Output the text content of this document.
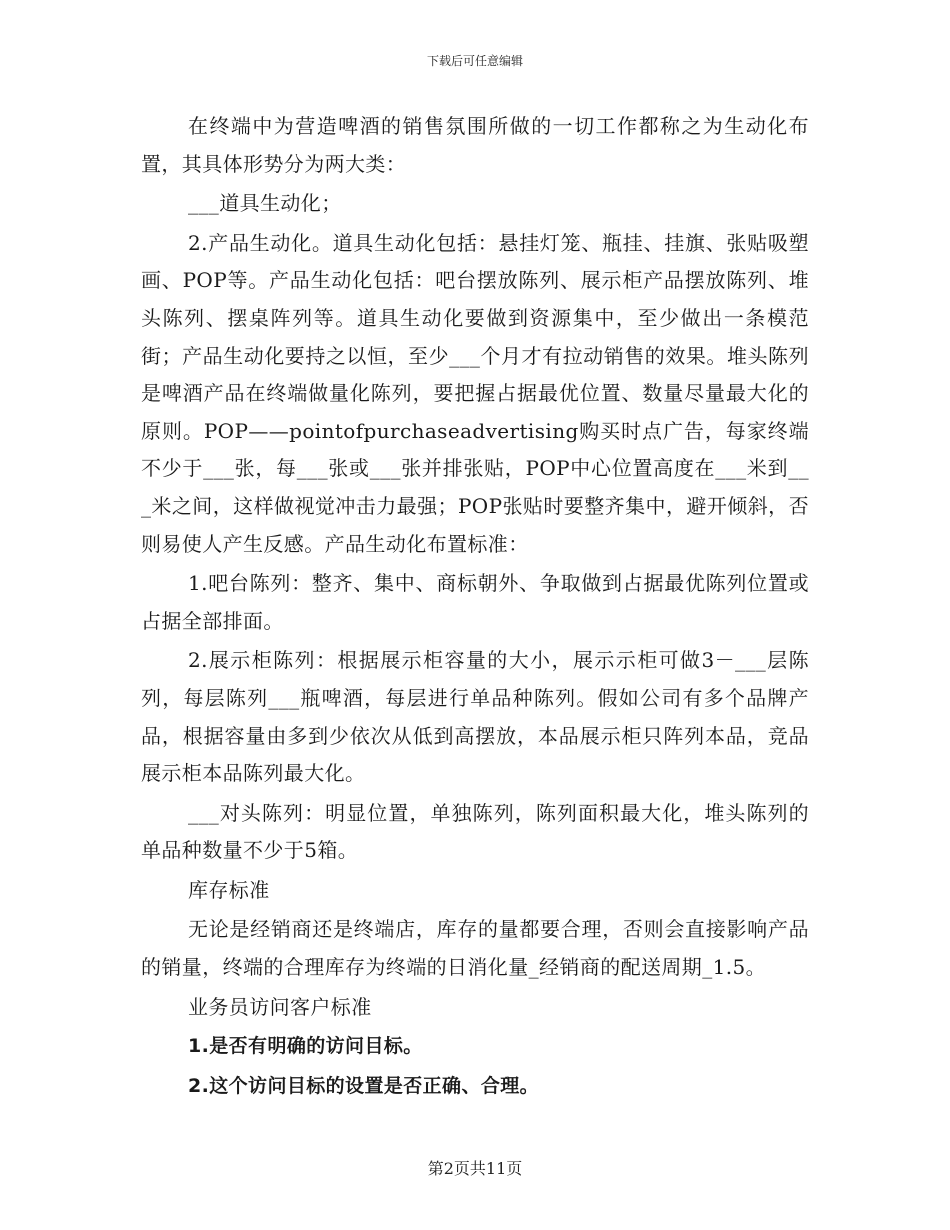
下载后可任意编辑

在终端中为营造啤酒的销售氛围所做的一切工作都称之为生动化布置，其具体形势分为两大类：

___道具生动化；

2.产品生动化。道具生动化包括：悬挂灯笼、瓶挂、挂旗、张贴吸塑画、POP等。产品生动化包括：吧台摆放陈列、展示柜产品摆放陈列、堆头陈列、摆桌阵列等。道具生动化要做到资源集中，至少做出一条模范街；产品生动化要持之以恒，至少___个月才有拉动销售的效果。堆头陈列是啤酒产品在终端做量化陈列，要把握占据最优位置、数量尽量最大化的原则。POP——pointofpurchaseadvertising购买时点广告，每家终端不少于___张，每___张或___张并排张贴，POP中心位置高度在___米到___米之间，这样做视觉冲击力最强；POP张贴时要整齐集中，避开倾斜，否则易使人产生反感。产品生动化布置标准：

1.吧台陈列：整齐、集中、商标朝外、争取做到占据最优陈列位置或占据全部排面。

2.展示柜陈列：根据展示柜容量的大小，展示示柜可做3－___层陈列，每层陈列___瓶啤酒，每层进行单品种陈列。假如公司有多个品牌产品，根据容量由多到少依次从低到高摆放，本品展示柜只阵列本品，竞品展示柜本品陈列最大化。

___对头陈列：明显位置，单独陈列，陈列面积最大化，堆头陈列的单品种数量不少于5箱。

库存标准

无论是经销商还是终端店，库存的量都要合理，否则会直接影响产品的销量，终端的合理库存为终端的日消化量_经销商的配送周期_1.5。

业务员访问客户标准

1.是否有明确的访问目标。

2.这个访问目标的设置是否正确、合理。

第2页共11页
